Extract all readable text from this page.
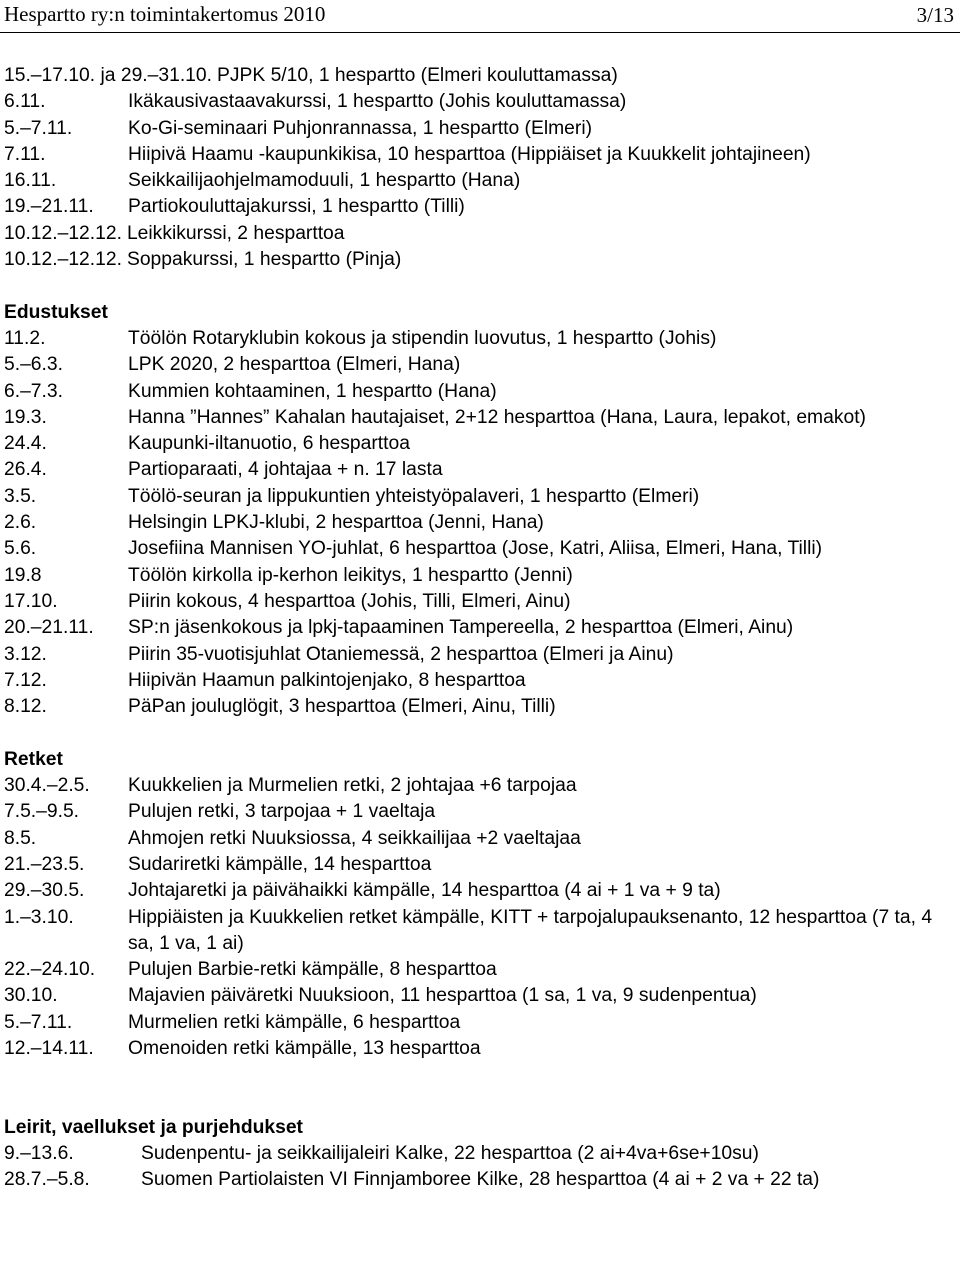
Hespartto ry:n toimintakertomus 2010	3/13
15.–17.10. ja 29.–31.10. PJPK 5/10, 1 hespartto (Elmeri kouluttamassa)
6.11.	Ikäkausivastaavakurssi, 1 hespartto (Johis kouluttamassa)
5.–7.11.	Ko-Gi-seminaari Puhjonrannassa, 1 hespartto (Elmeri)
7.11.	Hiipivä Haamu -kaupunkikisa, 10 hesparttoa (Hippiäiset ja Kuukkelit johtajineen)
16.11.	Seikkailijaohjelmamoduuli, 1 hespartto (Hana)
19.–21.11.	Partiokouluttajakurssi, 1 hespartto (Tilli)
10.12.–12.12. Leikkikurssi, 2 hesparttoa
10.12.–12.12. Soppakurssi, 1 hespartto (Pinja)
Edustukset
11.2.	Töölön Rotaryklubin kokous ja stipendin luovutus, 1 hespartto (Johis)
5.–6.3.	LPK 2020, 2 hesparttoa (Elmeri, Hana)
6.–7.3.	Kummien kohtaaminen, 1 hespartto (Hana)
19.3.	Hanna ”Hannes” Kahalan hautajaiset, 2+12 hesparttoa (Hana, Laura, lepakot, emakot)
24.4.	Kaupunki-iltanuotio, 6 hesparttoa
26.4.	Partioparaati, 4 johtajaa + n. 17 lasta
3.5.	Töölö-seuran ja lippukuntien yhteistyöpalaveri, 1 hespartto (Elmeri)
2.6.	Helsingin LPKJ-klubi, 2 hesparttoa (Jenni, Hana)
5.6.	Josefiina Mannisen YO-juhlat, 6 hesparttoa (Jose, Katri, Aliisa, Elmeri, Hana, Tilli)
19.8	Töölön kirkolla ip-kerhon leikitys, 1 hespartto (Jenni)
17.10.	Piirin kokous, 4 hesparttoa (Johis, Tilli, Elmeri, Ainu)
20.–21.11.	SP:n jäsenkokous ja lpkj-tapaaminen Tampereella, 2 hesparttoa (Elmeri, Ainu)
3.12.	Piirin 35-vuotisjuhlat Otaniemessä, 2 hesparttoa (Elmeri ja Ainu)
7.12.	Hiipivän Haamun palkintojenjako, 8 hesparttoa
8.12.	PäPan jouluglögit, 3 hesparttoa (Elmeri, Ainu, Tilli)
Retket
30.4.–2.5.	Kuukkelien ja Murmelien retki, 2 johtajaa +6 tarpojaa
7.5.–9.5.	Pulujen retki, 3 tarpojaa + 1 vaeltaja
8.5.	Ahmojen retki Nuuksiossa, 4 seikkailijaa +2 vaeltajaa
21.–23.5.	Sudariretki kämpälle, 14 hesparttoa
29.–30.5.	Johtajaretki ja päivähaikki kämpälle, 14 hesparttoa (4 ai + 1 va + 9 ta)
1.–3.10.	Hippiäisten ja Kuukkelien retket kämpälle, KITT + tarpojalupauksenanto, 12 hesparttoa (7 ta, 4 sa, 1 va, 1 ai)
22.–24.10.	Pulujen Barbie-retki kämpälle, 8 hesparttoa
30.10.	Majavien päiväretki Nuuksioon, 11 hesparttoa (1 sa, 1 va, 9 sudenpentua)
5.–7.11.	Murmelien retki kämpälle, 6 hesparttoa
12.–14.11.	Omenoiden retki kämpälle, 13 hesparttoa
Leirit, vaellukset ja purjehdukset
9.–13.6.	Sudenpentu- ja seikkailijaleiri Kalke, 22 hesparttoa (2 ai+4va+6se+10su)
28.7.–5.8.	Suomen Partiolaisten VI Finnjamboree Kilke, 28 hesparttoa (4 ai + 2 va + 22 ta)
